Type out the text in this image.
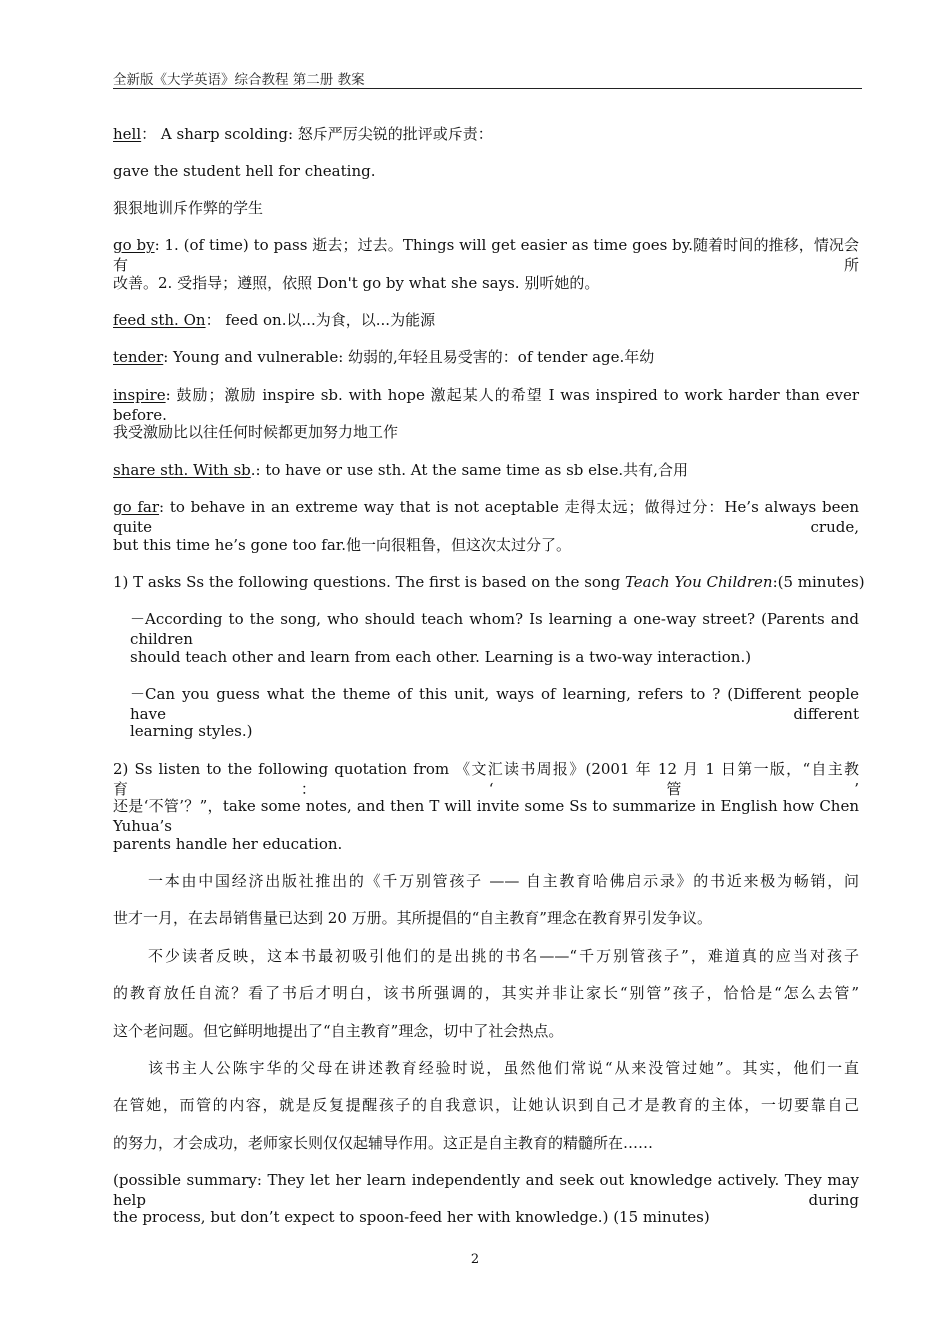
全新版《大学英语》综合教程 第二册 教案
hell： A sharp scolding: 怒斥严厉尖锐的批评或斥责：
gave the student hell for cheating.
狠狠地训斥作弊的学生
go by: 1. (of time) to pass 逝去；过去。Things will get easier as time goes by.随着时间的推移，情况会有所
改善。2. 受指导；遵照，依照 Don't go by what she says. 别听她的。
feed sth. On： feed on.以...为食，以...为能源
tender: Young and vulnerable: 幼弱的,年轻且易受害的：of tender age.年幼
inspire: 鼓励；激励 inspire sb. with hope 激起某人的希望 I was inspired to work harder than ever before.
我受激励比以往任何时候都更加努力地工作
share sth. With sb.: to have or use sth. At the same time as sb else.共有,合用
go far: to behave in an extreme way that is not aceptable 走得太远；做得过分：He’s always been quite crude,
but this time he’s gone too far.他一向很粗鲁，但这次太过分了。
1) T asks Ss the following questions. The first is based on the song Teach You Children:(5 minutes)
－According to the song, who should teach whom? Is learning a one-way street? (Parents and children
should teach other and learn from each other. Learning is a two-way interaction.)
－Can you guess what the theme of this unit, ways of learning, refers to ? (Different people have different
learning styles.)
2) Ss listen to the following quotation from 《文汇读书周报》(2001 年 12 月 1 日第一版，“自主教育：‘管’
还是‘不管’？”，take some notes, and then T will invite some Ss to summarize in English how Chen Yuhua’s
parents handle her education.
一本由中国经济出版社推出的《千万别管孩子 —— 自主教育哈佛启示录》的书近来极为畅销，问
世才一月，在去昂销售量已达到 20 万册。其所提倡的“自主教育”理念在教育界引发争议。
不少读者反映，这本书最初吸引他们的是出挑的书名——“千万别管孩子”，难道真的应当对孩子
的教育放任自流？看了书后才明白，该书所强调的，其实并非让家长“别管”孩子，恰恰是“怎么去管”
这个老问题。但它鲜明地提出了“自主教育”理念，切中了社会热点。
该书主人公陈宇华的父母在讲述教育经验时说，虽然他们常说“从来没管过她”。其实，他们一直
在管她，而管的内容，就是反复提醒孩子的自我意识，让她认识到自己才是教育的主体，一切要靠自己
的努力，才会成功，老师家长则仅仅起辅导作用。这正是自主教育的精髓所在……
(possible summary: They let her learn independently and seek out knowledge actively. They may help during
the process, but don’t expect to spoon-feed her with knowledge.) (15 minutes)
2
